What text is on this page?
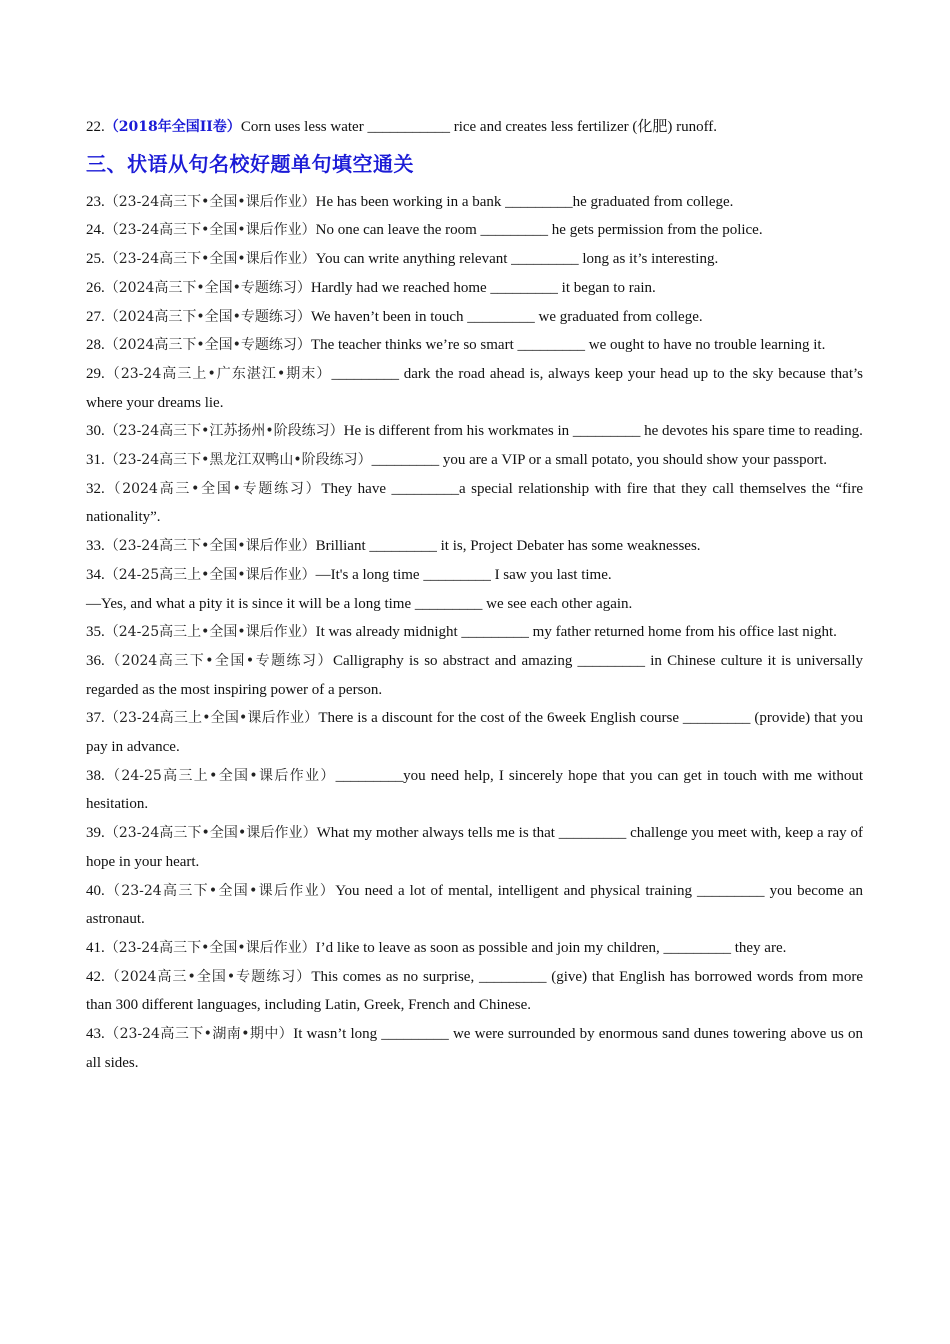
22.（2018年全国II卷）Corn uses less water ___________ rice and creates less fertilizer (化肥) runoff.

三、状语从句名校好题单句填空通关

23.（23-24高三下•全国•课后作业）He has been working in a bank _________he graduated from college.

24.（23-24高三下•全国•课后作业）No one can leave the room _________ he gets permission from the police.

25.（23-24高三下•全国•课后作业）You can write anything relevant _________ long as it’s interesting.

26.（2024高三下•全国•专题练习）Hardly had we reached home _________ it began to rain.

27.（2024高三下•全国•专题练习）We haven’t been in touch _________ we graduated from college.

28.（2024高三下•全国•专题练习）The teacher thinks we’re so smart _________ we ought to have no trouble learning it.

29.（23-24高三上•广东湛江•期末）_________ dark the road ahead is, always keep your head up to the sky because that’s where your dreams lie.

30.（23-24高三下•江苏扬州•阶段练习）He is different from his workmates in _________ he devotes his spare time to reading.

31.（23-24高三下•黑龙江双鸭山•阶段练习）_________ you are a VIP or a small potato, you should show your passport.

32.（2024高三•全国•专题练习）They have _________a special relationship with fire that they call themselves the “fire nationality”.

33.（23-24高三下•全国•课后作业）Brilliant _________ it is, Project Debater has some weaknesses.

34.（24-25高三上•全国•课后作业）—It's a long time _________ I saw you last time.

—Yes, and what a pity it is since it will be a long time _________ we see each other again.

35.（24-25高三上•全国•课后作业）It was already midnight _________ my father returned home from his office last night.

36.（2024高三下•全国•专题练习）Calligraphy is so abstract and amazing _________ in Chinese culture it is universally regarded as the most inspiring power of a person.

37.（23-24高三上•全国•课后作业）There is a discount for the cost of the 6week English course _________ (provide) that you pay in advance.

38.（24-25高三上•全国•课后作业）_________you need help, I sincerely hope that you can get in touch with me without hesitation.

39.（23-24高三下•全国•课后作业）What my mother always tells me is that _________ challenge you meet with, keep a ray of hope in your heart.

40.（23-24高三下•全国•课后作业）You need a lot of mental, intelligent and physical training _________ you become an astronaut.

41.（23-24高三下•全国•课后作业）I’d like to leave as soon as possible and join my children, _________ they are.

42.（2024高三•全国•专题练习）This comes as no surprise, _________ (give) that English has borrowed words from more than 300 different languages, including Latin, Greek, French and Chinese.

43.（23-24高三下•湖南•期中）It wasn’t long _________ we were surrounded by enormous sand dunes towering above us on all sides.
